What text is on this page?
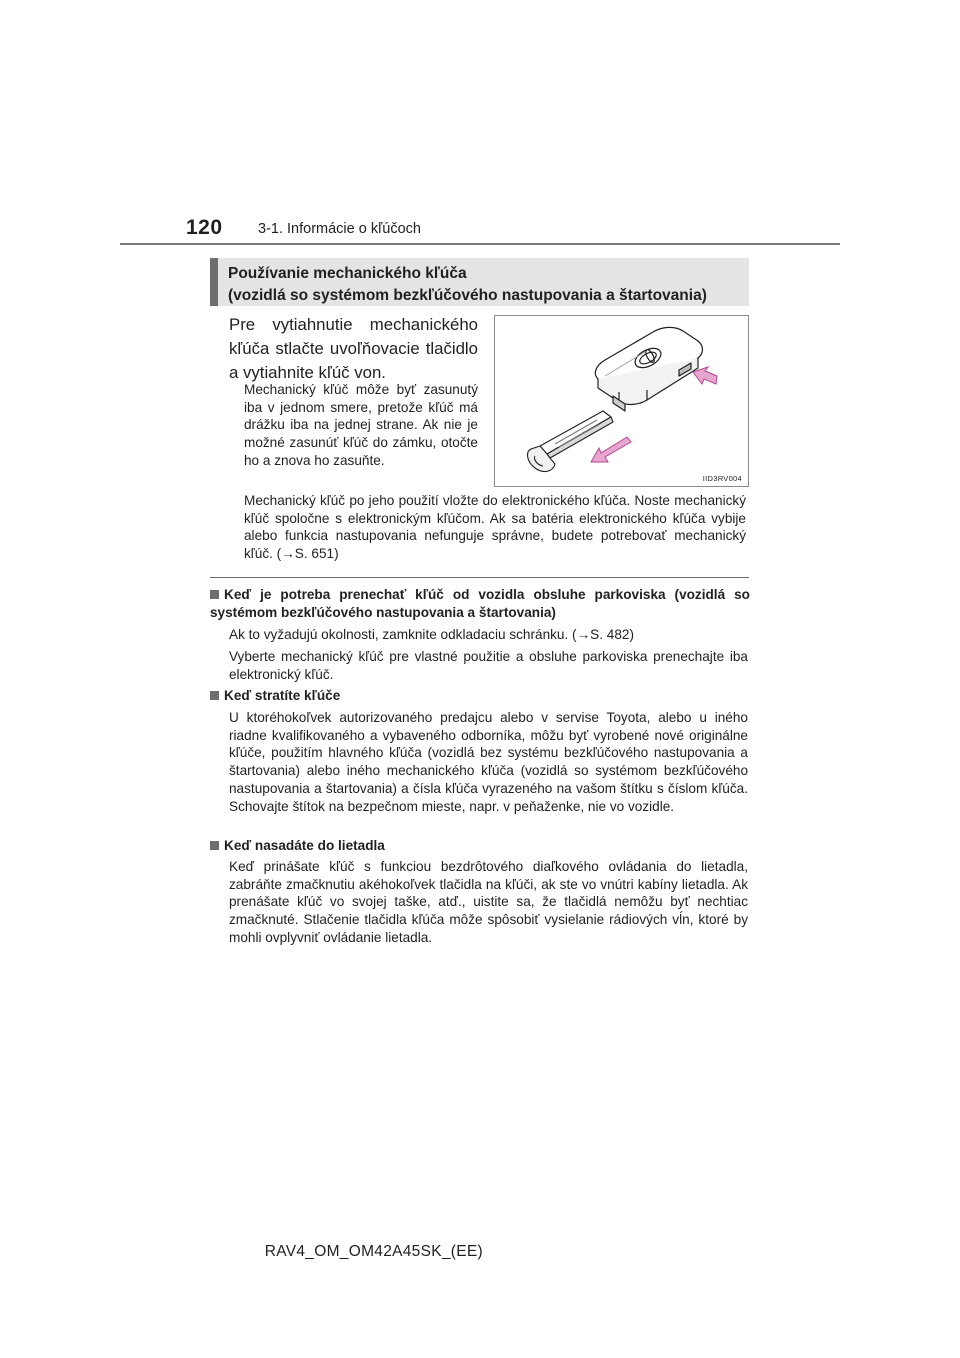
120 3-1. Informácie o kľúčoch
Používanie mechanického kľúča
(vozidlá so systémom bezkľúčového nastupovania a štartovania)
Pre vytiahnutie mechanického kľúča stlačte uvoľňovacie tlačidlo a vytiahnite kľúč von.
Mechanický kľúč môže byť zasunutý iba v jednom smere, pretože kľúč má drážku iba na jednej strane. Ak nie je možné zasunúť kľúč do zámku, otočte ho a znova ho zasuňte.
IID3RV004
Mechanický kľúč po jeho použití vložte do elektronického kľúča. Noste mechanický kľúč spoločne s elektronickým kľúčom. Ak sa batéria elektronického kľúča vybije alebo funkcia nastupovania nefunguje správne, budete potrebovať mechanický kľúč. (→S. 651)
Keď je potreba prenechať kľúč od vozidla obsluhe parkoviska (vozidlá so systémom bezkľúčového nastupovania a štartovania)
Ak to vyžadujú okolnosti, zamknite odkladaciu schránku. (→S. 482)
Vyberte mechanický kľúč pre vlastné použitie a obsluhe parkoviska prenechajte iba elektronický kľúč.
Keď stratíte kľúče
U ktoréhokoľvek autorizovaného predajcu alebo v servise Toyota, alebo u iného riadne kvalifikovaného a vybaveného odborníka, môžu byť vyrobené nové originálne kľúče, použitím hlavného kľúča (vozidlá bez systému bezkľúčového nastupovania a štartovania) alebo iného mechanického kľúča (vozidlá so systémom bezkľúčového nastupovania a štartovania) a čísla kľúča vyrazeného na vašom štítku s číslom kľúča. Schovajte štítok na bezpečnom mieste, napr. v peňaženke, nie vo vozidle.
Keď nasadáte do lietadla
Keď prinášate kľúč s funkciou bezdrôtového diaľkového ovládania do lietadla, zabráňte zmačknutiu akéhokoľvek tlačidla na kľúči, ak ste vo vnútri kabíny lietadla. Ak prenášate kľúč vo svojej taške, atď., uistite sa, že tlačidlá nemôžu byť nechtiac zmačknuté. Stlačenie tlačidla kľúča môže spôsobiť vysielanie rádiových vĺn, ktoré by mohli ovplyvniť ovládanie lietadla.
RAV4_OM_OM42A45SK_(EE)
